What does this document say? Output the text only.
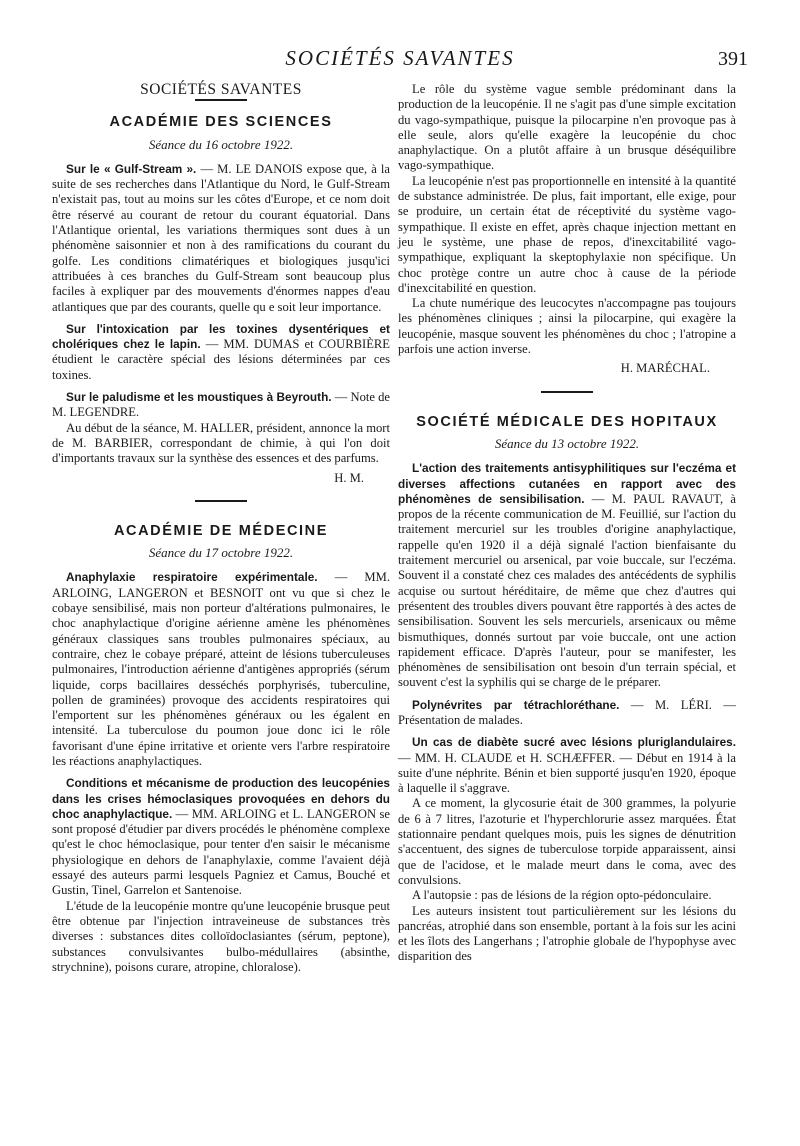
SOCIÉTÉS SAVANTES	391
SOCIÉTÉS SAVANTES
ACADÉMIE DES SCIENCES
Séance du 16 octobre 1922.

Sur le « Gulf-Stream ». — M. LE DANOIS expose que, à la suite de ses recherches dans l'Atlantique du Nord, le Gulf-Stream n'existait pas, tout au moins sur les côtes d'Europe, et ce nom doit être réservé au courant de retour du courant équatorial. Dans l'Atlantique oriental, les variations thermiques sont dues à un phénomène saisonnier et non à des ramifications du courant du golfe. Les conditions climatériques et biologiques jusqu'ici attribuées à ces branches du Gulf-Stream sont beaucoup plus faciles à expliquer par des mouvements d'énormes nappes d'eau atlantiques que par des courants, quelle qu e soit leur importance.

Sur l'intoxication par les toxines dysentériques et cholériques chez le lapin. — MM. DUMAS et COURBIÈRE étudient le caractère spécial des lésions déterminées par ces toxines.

Sur le paludisme et les moustiques à Beyrouth. — Note de M. LEGENDRE.

Au début de la séance, M. HALLER, président, annonce la mort de M. BARBIER, correspondant de chimie, à qui l'on doit d'importants travaux sur la synthèse des essences et des parfums.

H. M.
ACADÉMIE DE MÉDECINE
Séance du 17 octobre 1922.

Anaphylaxie respiratoire expérimentale. — MM. ARLOING, LANGERON et BESNOIT ont vu que si chez le cobaye sensibilisé, mais non porteur d'altérations pulmonaires, le choc anaphylactique d'origine aérienne amène les phénomènes généraux classiques sans troubles pulmonaires spéciaux, au contraire, chez le cobaye préparé, atteint de lésions tuberculeuses pulmonaires, l'introduction aérienne d'antigènes appropriés (sérum liquide, corps bacillaires desséchés porphyrisés, tuberculine, pollen de graminées) provoque des accidents respiratoires qui l'emportent sur les phénomènes généraux ou les égalent en intensité. La tuberculose du poumon joue donc ici le rôle favorisant d'une épine irritative et oriente vers l'arbre respiratoire les réactions anaphylactiques.

Conditions et mécanisme de production des leucopénies dans les crises hémoclasiques provoquées en dehors du choc anaphylactique. — MM. ARLOING et L. LANGERON se sont proposé d'étudier par divers procédés le phénomène complexe qu'est le choc hémoclasique, pour tenter d'en saisir le mécanisme physiologique en dehors de l'anaphylaxie, comme l'avaient déjà essayé des auteurs parmi lesquels Pagniez et Camus, Bouché et Gustin, Tinel, Garrelon et Santenoise.

L'étude de la leucopénie montre qu'une leucopénie brusque peut être obtenue par l'injection intraveineuse de substances très diverses : substances dites colloïdoclasiantes (sérum, peptone), substances convulsivantes bulbo-médullaires (absinthe, strychnine), poisons curare, atropine, chloralose).

Le rôle du système vague semble prédominant dans la production de la leucopénie. Il ne s'agit pas d'une simple excitation du vago-sympathique, puisque la pilocarpine n'en provoque pas à elle seule, alors qu'elle exagère la leucopénie du choc anaphylactique. On a plutôt affaire à un brusque déséquilibre vago-sympathique.

La leucopénie n'est pas proportionnelle en intensité à la quantité de substance administrée. De plus, fait important, elle exige, pour se produire, un certain état de réceptivité du système vago-sympathique. Il existe en effet, après chaque injection mettant en jeu le système, une phase de repos, d'inexcitabilité vago-sympathique, expliquant la skeptophylaxie non spécifique. Un choc protège contre un autre choc à cause de la période d'inexcitabilité en question.

La chute numérique des leucocytes n'accompagne pas toujours les phénomènes cliniques ; ainsi la pilocarpine, qui exagère la leucopénie, masque souvent les phénomènes du choc ; l'atropine a parfois une action inverse.

H. MARÉCHAL.
SOCIÉTÉ MÉDICALE DES HOPITAUX
Séance du 13 octobre 1922.

L'action des traitements antisyphilitiques sur l'eczéma et diverses affections cutanées en rapport avec des phénomènes de sensibilisation. — M. PAUL RAVAUT, à propos de la récente communication de M. Feuillié, sur l'action du traitement mercuriel sur les troubles d'origine anaphylactique, rappelle qu'en 1920 il a déjà signalé l'action bienfaisante du traitement mercuriel ou arsenical, par voie buccale, sur l'eczéma. Souvent il a constaté chez ces malades des antécédents de syphilis acquise ou surtout héréditaire, de même que chez d'autres qui présentent des troubles divers pouvant être rapportés à des actes de sensibilisation. Souvent les sels mercuriels, arsenicaux ou même bismuthiques, donnés surtout par voie buccale, ont une action rapidement efficace. D'après l'auteur, pour se manifester, les phénomènes de sensibilisation ont besoin d'un terrain spécial, et souvent c'est la syphilis qui se charge de le préparer.

Polynévrites par tétrachloréthane. — M. LÉRI. — Présentation de malades.

Un cas de diabète sucré avec lésions pluriglandulaires. — MM. H. CLAUDE et H. SCHÆFFER. — Début en 1914 à la suite d'une néphrite. Bénin et bien supporté jusqu'en 1920, époque à laquelle il s'aggrave.

A ce moment, la glycosurie était de 300 grammes, la polyurie de 6 à 7 litres, l'azoturie et l'hyperchlorurie assez marquées. État stationnaire pendant quelques mois, puis les signes de dénutrition s'accentuent, des signes de tuberculose torpide apparaissent, ainsi que de l'acidose, et le malade meurt dans le coma, avec des convulsions.

A l'autopsie : pas de lésions de la région opto-pédonculaire.

Les auteurs insistent tout particulièrement sur les lésions du pancréas, atrophié dans son ensemble, portant à la fois sur les acini et les îlots des Langerhans ; l'atrophie globale de l'hypophyse avec disparition des
